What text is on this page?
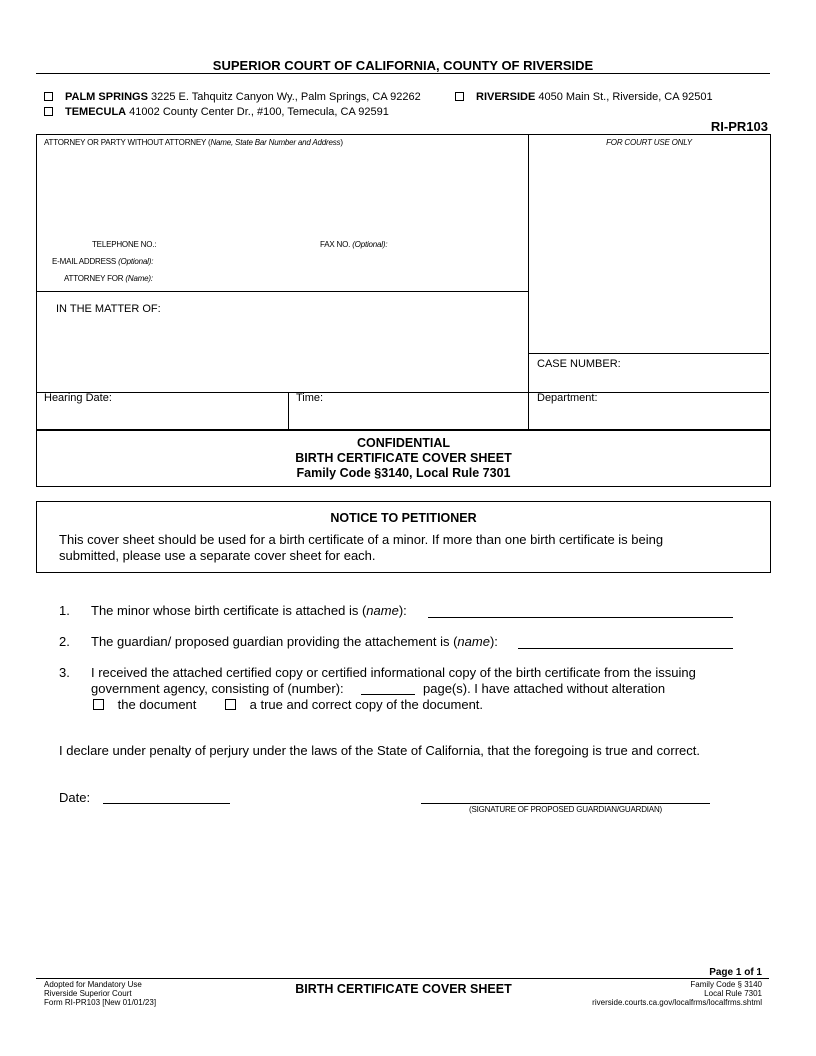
SUPERIOR COURT OF CALIFORNIA, COUNTY OF RIVERSIDE
PALM SPRINGS 3225 E. Tahquitz Canyon Wy., Palm Springs, CA 92262	RIVERSIDE 4050 Main St., Riverside, CA 92501
TEMECULA 41002 County Center Dr., #100, Temecula, CA 92591
RI-PR103
ATTORNEY OR PARTY WITHOUT ATTORNEY (Name, State Bar Number and Address)
TELEPHONE NO.:	FAX NO. (Optional):
E-MAIL ADDRESS (Optional):
ATTORNEY FOR (Name):
FOR COURT USE ONLY
IN THE MATTER OF:
CASE NUMBER:
Hearing Date:	Time:	Department:
CONFIDENTIAL
BIRTH CERTIFICATE COVER SHEET
Family Code §3140, Local Rule 7301
NOTICE TO PETITIONER
This cover sheet should be used for a birth certificate of a minor. If more than one birth certificate is being
submitted, please use a separate cover sheet for each.
1. The minor whose birth certificate is attached is (name):
2. The guardian/ proposed guardian providing the attachement is (name):
3. I received the attached certified copy or certified informational copy of the birth certificate from the issuing
government agency, consisting of (number):	page(s). I have attached without alteration
the document	a true and correct copy of the document.
I declare under penalty of perjury under the laws of the State of California, that the foregoing is true and correct.
Date:
(SIGNATURE OF PROPOSED GUARDIAN/GUARDIAN)
Page 1 of 1
Adopted for Mandatory Use
Riverside Superior Court
Form RI-PR103 [New 01/01/23]
BIRTH CERTIFICATE COVER SHEET	Family Code § 3140
Local Rule 7301
riverside.courts.ca.gov/localfrms/localfrms.shtml
